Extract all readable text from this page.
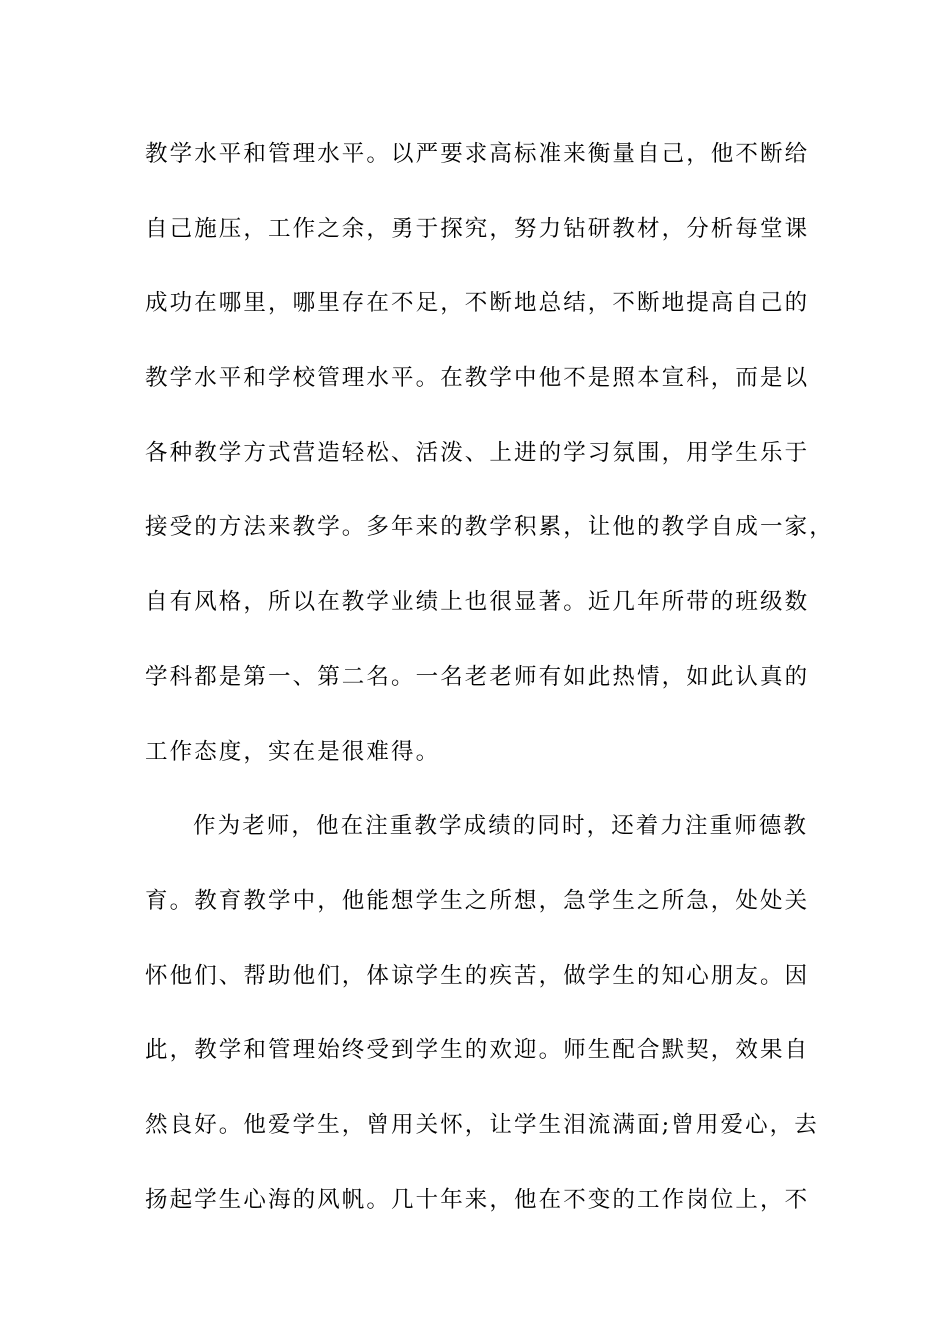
教学水平和管理水平。以严要求高标准来衡量自己，他不断给
自己施压，工作之余，勇于探究，努力钻研教材，分析每堂课
成功在哪里，哪里存在不足，不断地总结，不断地提高自己的
教学水平和学校管理水平。在教学中他不是照本宣科，而是以
各种教学方式营造轻松、活泼、上进的学习氛围，用学生乐于
接受的方法来教学。多年来的教学积累，让他的教学自成一家，
自有风格，所以在教学业绩上也很显著。近几年所带的班级数
学科都是第一、第二名。一名老老师有如此热情，如此认真的
工作态度，实在是很难得。
作为老师，他在注重教学成绩的同时，还着力注重师德教
育。教育教学中，他能想学生之所想，急学生之所急，处处关
怀他们、帮助他们，体谅学生的疾苦，做学生的知心朋友。因
此，教学和管理始终受到学生的欢迎。师生配合默契，效果自
然良好。他爱学生，曾用关怀，让学生泪流满面;曾用爱心，去
扬起学生心海的风帆。几十年来，他在不变的工作岗位上，不
